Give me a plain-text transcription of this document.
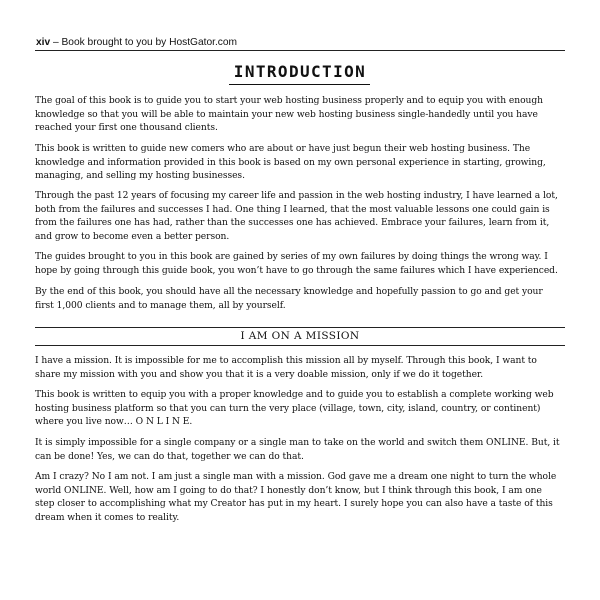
xiv – Book brought to you by HostGator.com
INTRODUCTION

The goal of this book is to guide you to start your web hosting business properly and to equip you with enough knowledge so that you will be able to maintain your new web hosting business single-handedly until you have reached your first one thousand clients.

This book is written to guide new comers who are about or have just begun their web hosting business. The knowledge and information provided in this book is based on my own personal experience in starting, growing, managing, and selling my hosting businesses.

Through the past 12 years of focusing my career life and passion in the web hosting industry, I have learned a lot, both from the failures and successes I had. One thing I learned, that the most valuable lessons one could gain is from the failures one has had, rather than the successes one has achieved. Embrace your failures, learn from it, and grow to become even a better person.

The guides brought to you in this book are gained by series of my own failures by doing things the wrong way. I hope by going through this guide book, you won’t have to go through the same failures which I have experienced.

By the end of this book, you should have all the necessary knowledge and hopefully passion to go and get your first 1,000 clients and to manage them, all by yourself.

I AM ON A MISSION

I have a mission. It is impossible for me to accomplish this mission all by myself. Through this book, I want to share my mission with you and show you that it is a very doable mission, only if we do it together.

This book is written to equip you with a proper knowledge and to guide you to establish a complete working web hosting business platform so that you can turn the very place (village, town, city, island, country, or continent) where you live now… O N L I N E.

It is simply impossible for a single company or a single man to take on the world and switch them ONLINE. But, it can be done! Yes, we can do that, together we can do that.

Am I crazy? No I am not. I am just a single man with a mission. God gave me a dream one night to turn the whole world ONLINE. Well, how am I going to do that? I honestly don’t know, but I think through this book, I am one step closer to accomplishing what my Creator has put in my heart. I surely hope you can also have a taste of this dream when it comes to reality.
